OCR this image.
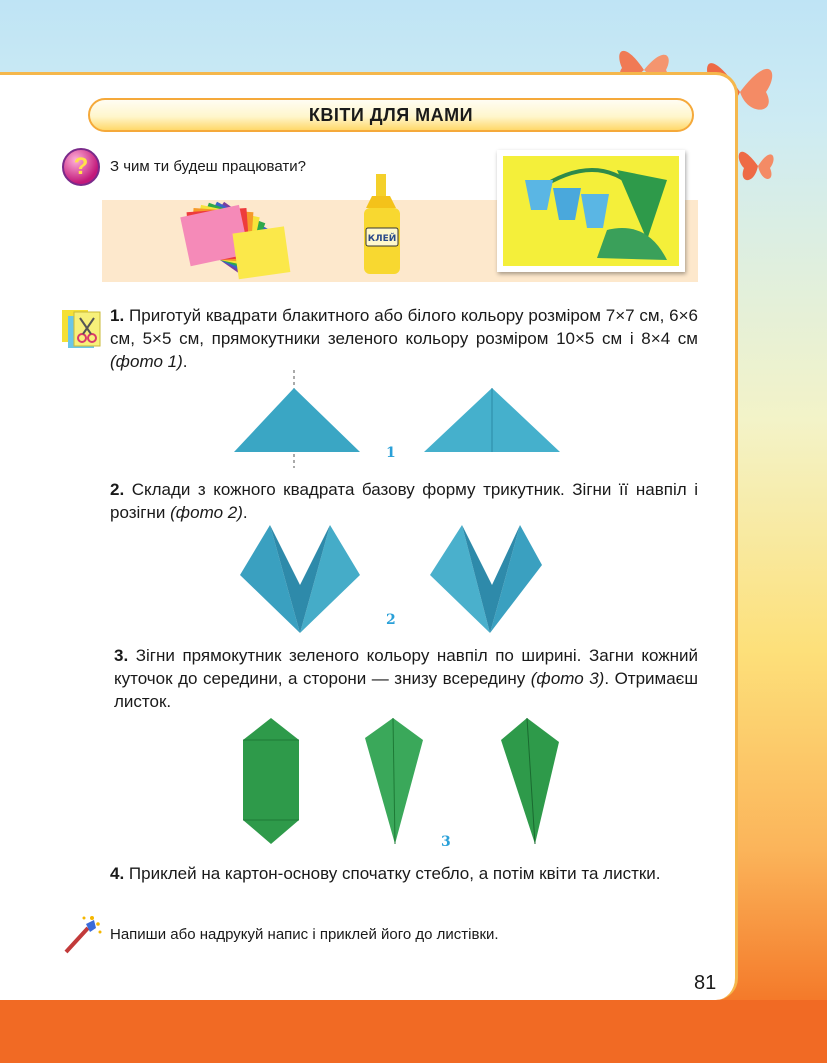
КВІТИ ДЛЯ МАМИ
?	З чим ти будеш працювати?
КЛЕЙ
1. Приготуй квадрати блакитного або білого кольору розміром 7×7 см, 6×6 см, 5×5 см, прямокутники зеленого кольору розміром 10×5 см і 8×4 см (фото 1).
1
2. Склади з кожного квадрата базову форму трикутник. Зігни її навпіл і розігни (фото 2).
2
3. Зігни прямокутник зеленого кольору навпіл по ширині. Загни кожний куточок до середини, а сторони — знизу всередину (фото 3). Отримаєш листок.
3
4. Приклей на картон-основу спочатку стебло, а потім квіти та листки.
Напиши або надрукуй напис і приклей його до листівки.
81
